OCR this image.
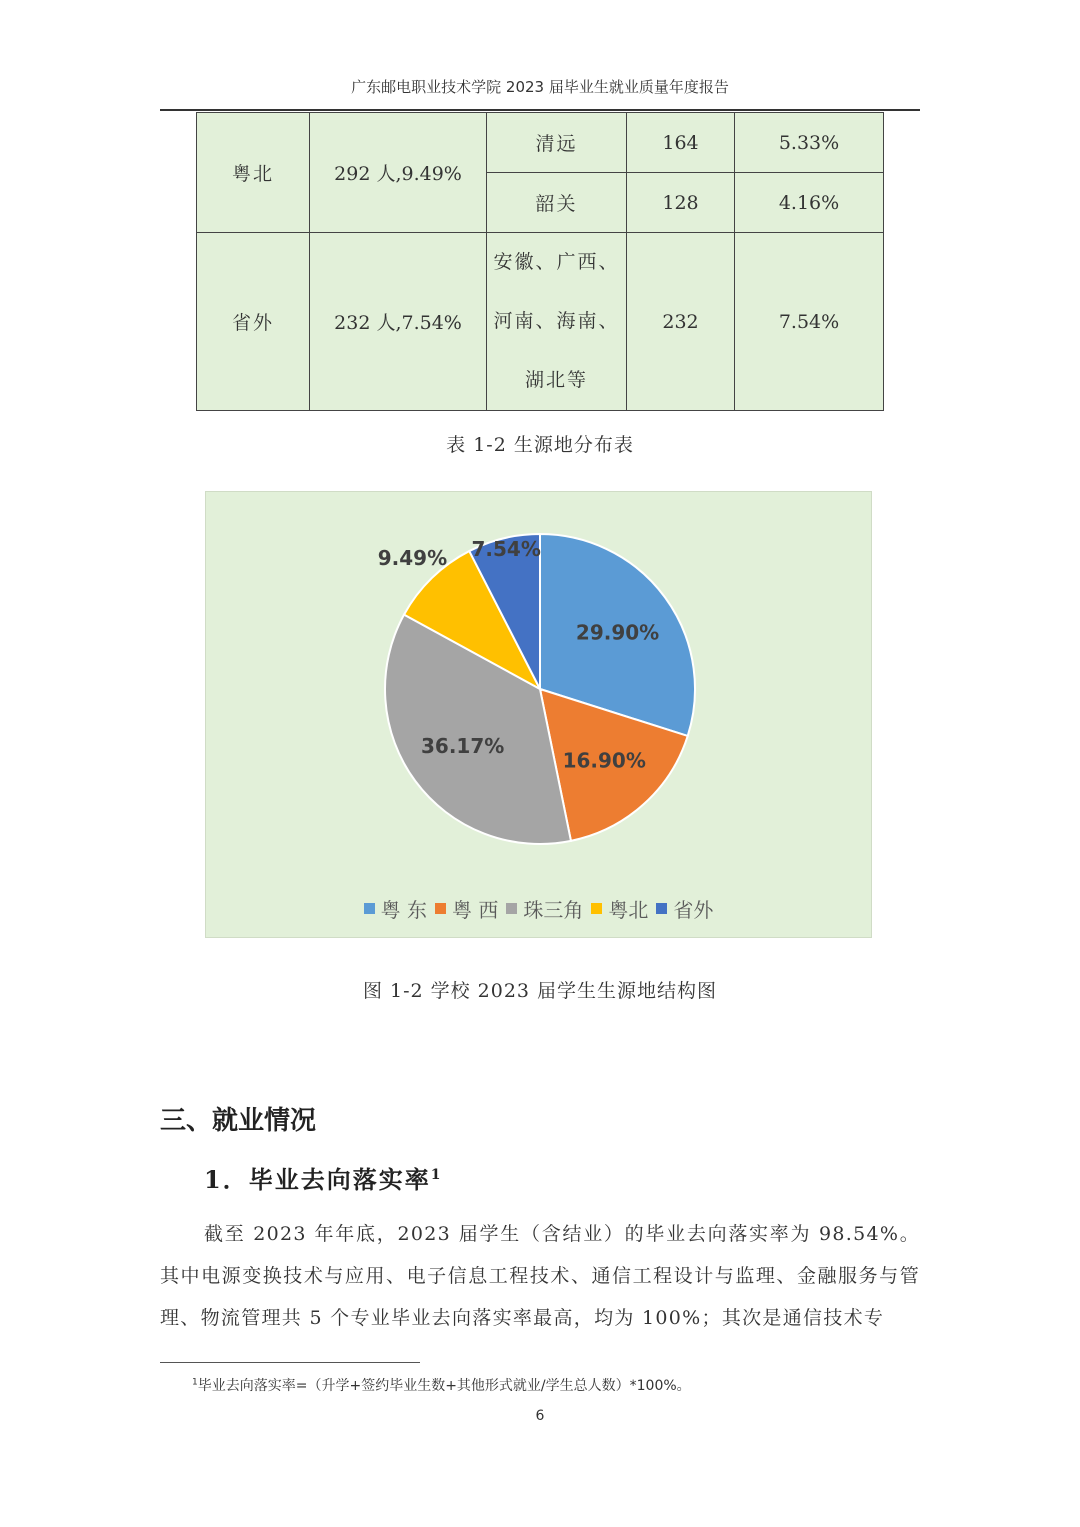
广东邮电职业技术学院 2023 届毕业生就业质量年度报告
粤北	292 人,9.49%	清远	164	5.33%
		韶关	128	4.16%
省外	232 人,7.54%	安徽、广西、
河南、海南、
湖北等	232	7.54%
表 1-2 生源地分布表
29.90%
16.90%
36.17%
9.49% 7.54%
粤 东 粤 西 珠三角 粤北 省外
图 1-2 学校 2023 届学生生源地结构图
三、就业情况
1．毕业去向落实率$^1$
截至 2023 年年底，2023 届学生（含结业）的毕业去向落实率为 98.54%。其中电源变换技术与应用、电子信息工程技术、通信工程设计与监理、金融服务与管理、物流管理共 5 个专业毕业去向落实率最高，均为 100%；其次是通信技术专
$^1$毕业去向落实率=（升学+签约毕业生数+其他形式就业/学生总人数）*100%。
6
